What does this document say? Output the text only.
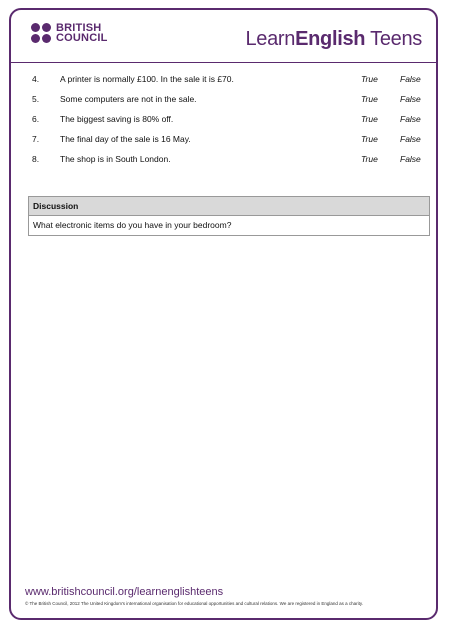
BRITISH
COUNCIL	LearnEnglish Teens
4. A printer is normally £100. In the sale it is £70.	True	False
5. Some computers are not in the sale.	True	False
6. The biggest saving is 80% off.	True	False
7. The final day of the sale is 16 May.	True	False
8. The shop is in South London.	True	False
Discussion
What electronic items do you have in your bedroom?
www.britishcouncil.org/learnenglishteens
© The British Council, 2012 The United Kingdom's international organisation for educational opportunities and cultural relations. We are registered in England as a charity.
